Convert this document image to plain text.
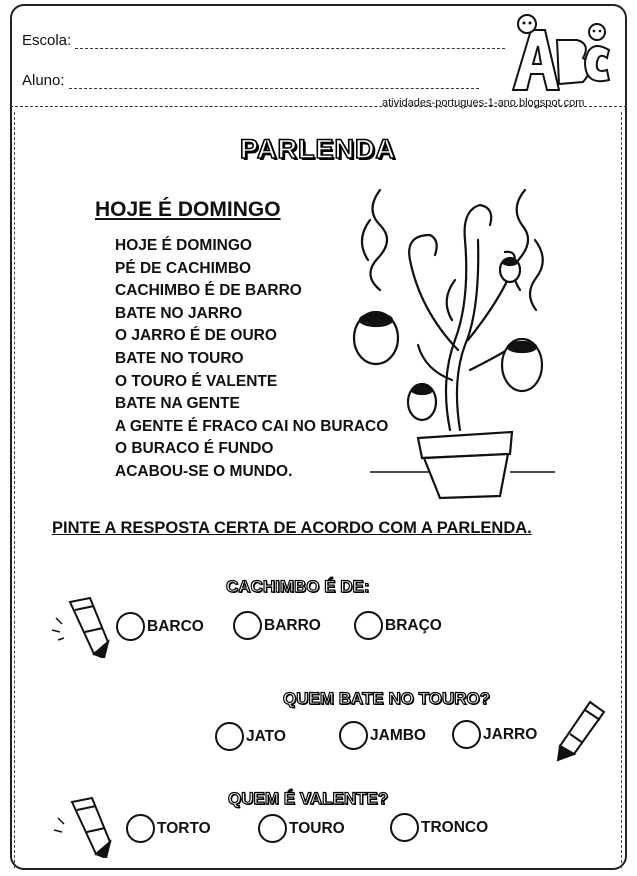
Escola:
Aluno:
atividades-portugues-1-ano.blogspot.com
PARLENDA
HOJE É DOMINGO
HOJE É DOMINGO
PÉ DE CACHIMBO
CACHIMBO É DE BARRO
BATE NO JARRO
O JARRO É DE OURO
BATE NO TOURO
O TOURO É VALENTE
BATE NA GENTE
A GENTE É FRACO CAI NO BURACO
O BURACO É FUNDO
ACABOU-SE O MUNDO.
PINTE A RESPOSTA CERTA DE ACORDO COM A PARLENDA.
CACHIMBO É DE:
BARCO	BARRO	BRAÇO
QUEM BATE NO TOURO?
JATO	JAMBO	JARRO
QUEM É VALENTE?
TORTO	TOURO	TRONCO
